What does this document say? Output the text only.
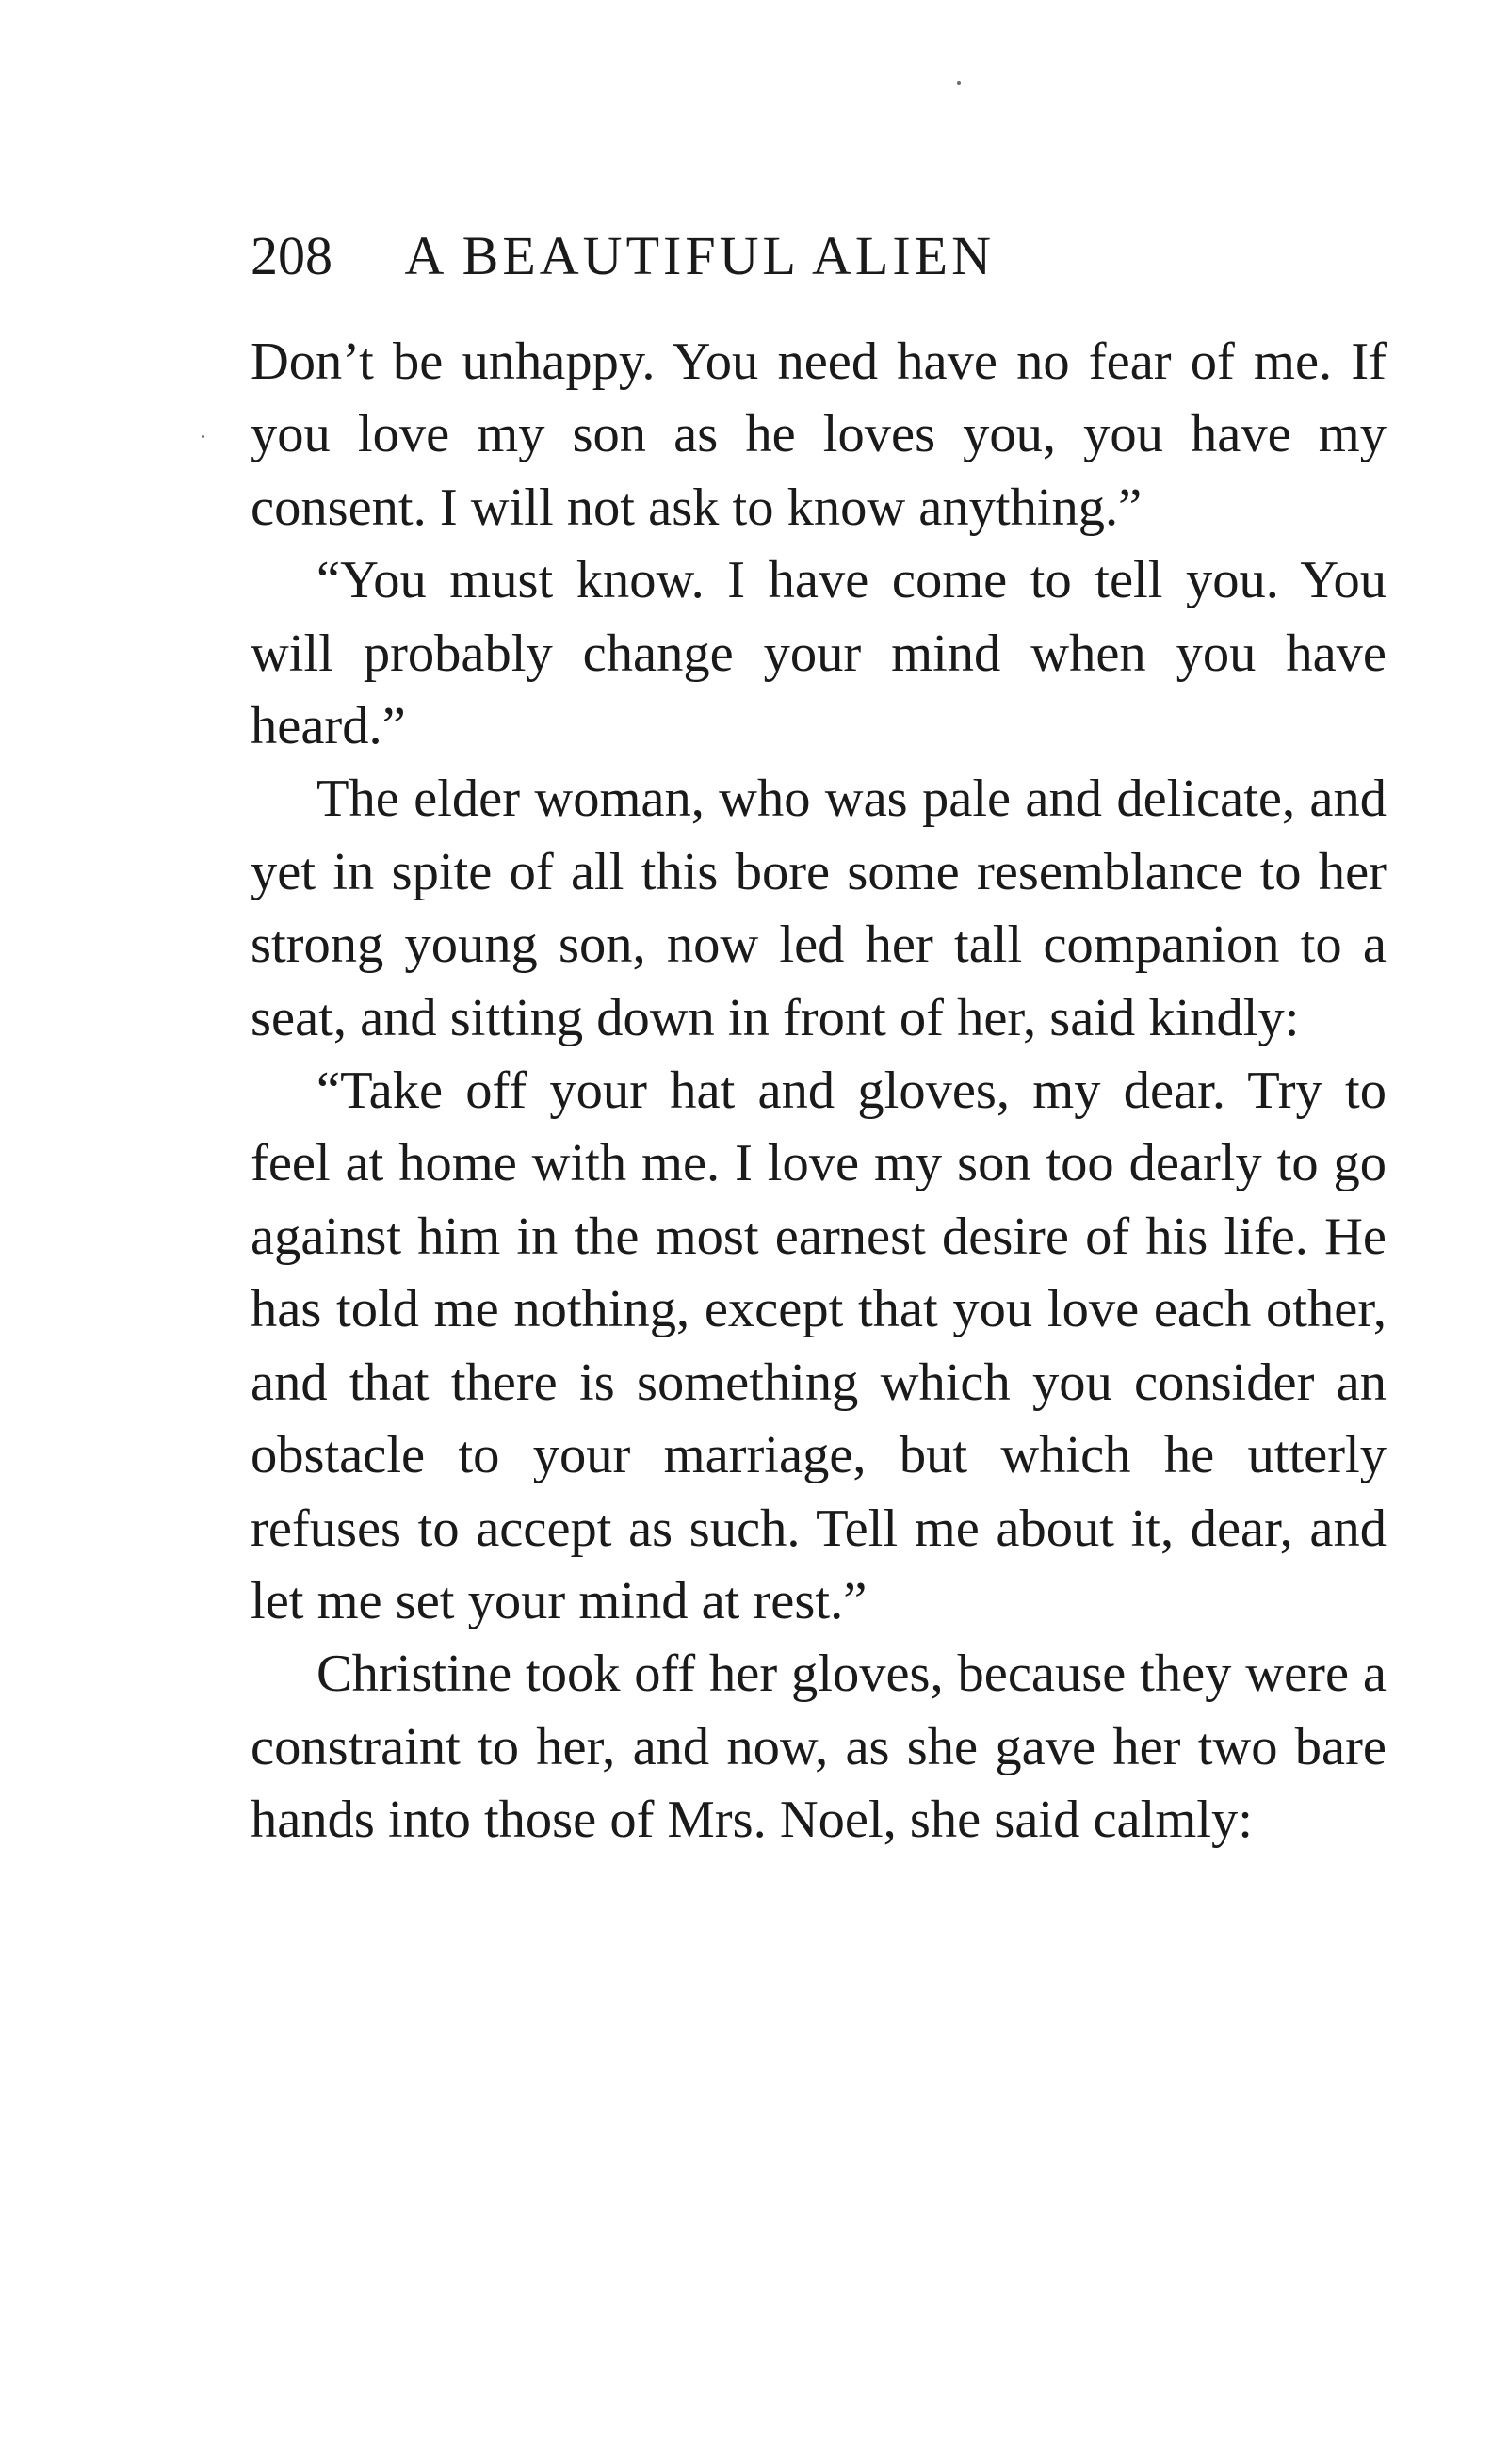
208 A BEAUTIFUL ALIEN

Don’t be unhappy. You need have no fear of me. If you love my son as he loves you, you have my consent. I will not ask to know anything.”

“You must know. I have come to tell you. You will probably change your mind when you have heard.”

The elder woman, who was pale and delicate, and yet in spite of all this bore some resemblance to her strong young son, now led her tall companion to a seat, and sitting down in front of her, said kindly:

“Take off your hat and gloves, my dear. Try to feel at home with me. I love my son too dearly to go against him in the most earnest desire of his life. He has told me nothing, except that you love each other, and that there is something which you consider an obstacle to your marriage, but which he utterly refuses to accept as such. Tell me about it, dear, and let me set your mind at rest.”

Christine took off her gloves, because they were a constraint to her, and now, as she gave her two bare hands into those of Mrs. Noel, she said calmly:
